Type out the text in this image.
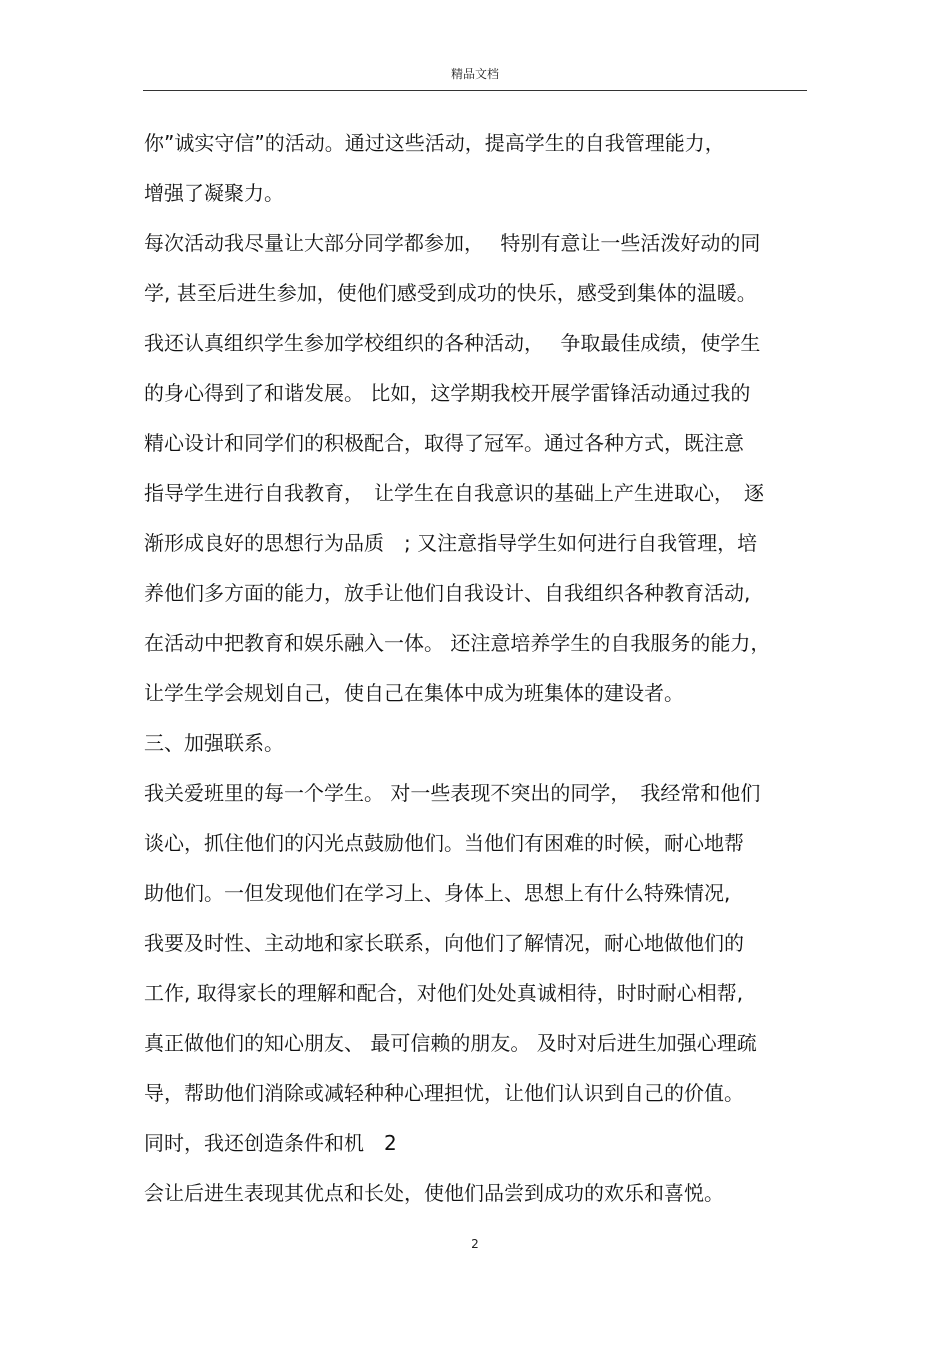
精品文档
你”诚实守信”的活动。通过这些活动，提高学生的自我管理能力，
增强了凝聚力。
每次活动我尽量让大部分同学都参加，　 特别有意让一些活泼好动的同
学, 甚至后进生参加，使他们感受到成功的快乐，感受到集体的温暖。
我还认真组织学生参加学校组织的各种活动，　 争取最佳成绩，使学生
的身心得到了和谐发展。 比如，这学期我校开展学雷锋活动通过我的
精心设计和同学们的积极配合，取得了冠军。通过各种方式，既注意
指导学生进行自我教育，　让学生在自我意识的基础上产生进取心，　逐
渐形成良好的思想行为品质　; 又注意指导学生如何进行自我管理，培
养他们多方面的能力，放手让他们自我设计、自我组织各种教育活动,
在活动中把教育和娱乐融入一体。 还注意培养学生的自我服务的能力，
让学生学会规划自己，使自己在集体中成为班集体的建设者。
三、加强联系。
我关爱班里的每一个学生。 对一些表现不突出的同学，　我经常和他们
谈心，抓住他们的闪光点鼓励他们。当他们有困难的时候，耐心地帮
助他们。一但发现他们在学习上、身体上、思想上有什么特殊情况,
我要及时性、主动地和家长联系，向他们了解情况，耐心地做他们的
工作, 取得家长的理解和配合，对他们处处真诚相待，时时耐心相帮,
真正做他们的知心朋友、 最可信赖的朋友。 及时对后进生加强心理疏
导，帮助他们消除或减轻种种心理担忧，让他们认识到自己的价值。
同时，我还创造条件和机　2
会让后进生表现其优点和长处，使他们品尝到成功的欢乐和喜悦。
2
